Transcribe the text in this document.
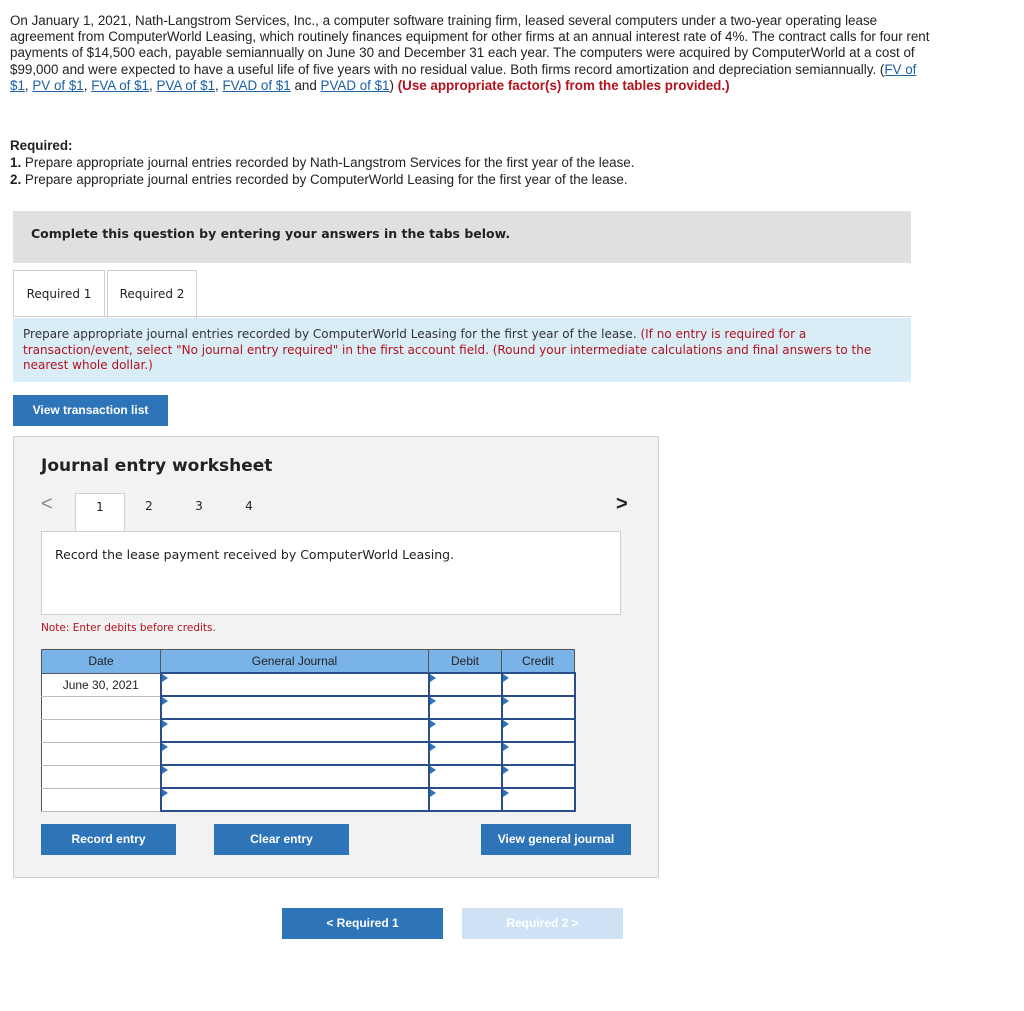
On January 1, 2021, Nath-Langstrom Services, Inc., a computer software training firm, leased several computers under a two-year operating lease agreement from ComputerWorld Leasing, which routinely finances equipment for other firms at an annual interest rate of 4%. The contract calls for four rent payments of $14,500 each, payable semiannually on June 30 and December 31 each year. The computers were acquired by ComputerWorld at a cost of $99,000 and were expected to have a useful life of five years with no residual value. Both firms record amortization and depreciation semiannually. (FV of $1, PV of $1, FVA of $1, PVA of $1, FVAD of $1 and PVAD of $1) (Use appropriate factor(s) from the tables provided.)

Required:
1. Prepare appropriate journal entries recorded by Nath-Langstrom Services for the first year of the lease.
2. Prepare appropriate journal entries recorded by ComputerWorld Leasing for the first year of the lease.
Complete this question by entering your answers in the tabs below.
Required 1	Required 2
Prepare appropriate journal entries recorded by ComputerWorld Leasing for the first year of the lease. (If no entry is required for a transaction/event, select "No journal entry required" in the first account field. (Round your intermediate calculations and final answers to the nearest whole dollar.)
View transaction list
Journal entry worksheet
<	1	2	3	4	>
Record the lease payment received by ComputerWorld Leasing.
Note: Enter debits before credits.
Date	General Journal	Debit	Credit
June 30, 2021	

Record entry	Clear entry	View general journal
< Required 1	Required 2 >
